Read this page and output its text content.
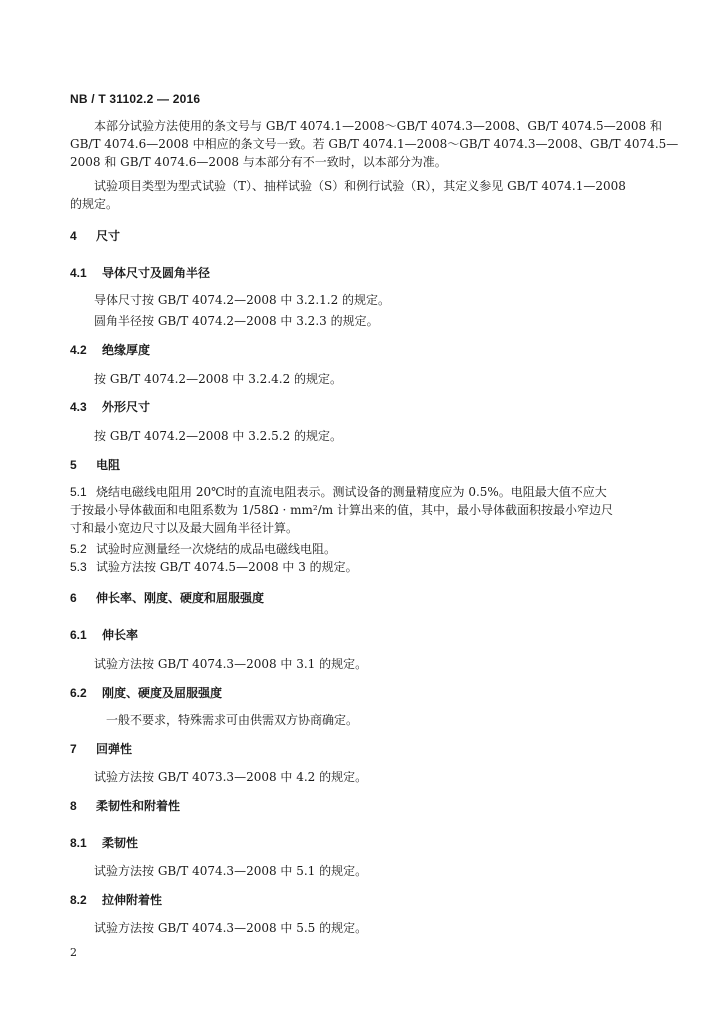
NB / T 31102.2 — 2016
本部分试验方法使用的条文号与 GB/T 4074.1—2008～GB/T 4074.3—2008、GB/T 4074.5—2008 和
GB/T 4074.6—2008 中相应的条文号一致。若 GB/T 4074.1—2008～GB/T 4074.3—2008、GB/T 4074.5—
2008 和 GB/T 4074.6—2008 与本部分有不一致时，以本部分为准。
试验项目类型为型式试验（T）、抽样试验（S）和例行试验（R），其定义参见 GB/T 4074.1—2008
的规定。
4 尺寸
4.1 导体尺寸及圆角半径
导体尺寸按 GB/T 4074.2—2008 中 3.2.1.2 的规定。
圆角半径按 GB/T 4074.2—2008 中 3.2.3 的规定。
4.2 绝缘厚度
按 GB/T 4074.2—2008 中 3.2.4.2 的规定。
4.3 外形尺寸
按 GB/T 4074.2—2008 中 3.2.5.2 的规定。
5 电阻
5.1 烧结电磁线电阻用 20℃时的直流电阻表示。测试设备的测量精度应为 0.5%。电阻最大值不应大
于按最小导体截面和电阻系数为 1/58Ω · mm²/m 计算出来的值，其中，最小导体截面积按最小窄边尺
寸和最小宽边尺寸以及最大圆角半径计算。
5.2 试验时应测量经一次烧结的成品电磁线电阻。
5.3 试验方法按 GB/T 4074.5—2008 中 3 的规定。
6 伸长率、刚度、硬度和屈服强度
6.1 伸长率
试验方法按 GB/T 4074.3—2008 中 3.1 的规定。
6.2 刚度、硬度及屈服强度
一般不要求，特殊需求可由供需双方协商确定。
7 回弹性
试验方法按 GB/T 4073.3—2008 中 4.2 的规定。
8 柔韧性和附着性
8.1 柔韧性
试验方法按 GB/T 4074.3—2008 中 5.1 的规定。
8.2 拉伸附着性
试验方法按 GB/T 4074.3—2008 中 5.5 的规定。
2
